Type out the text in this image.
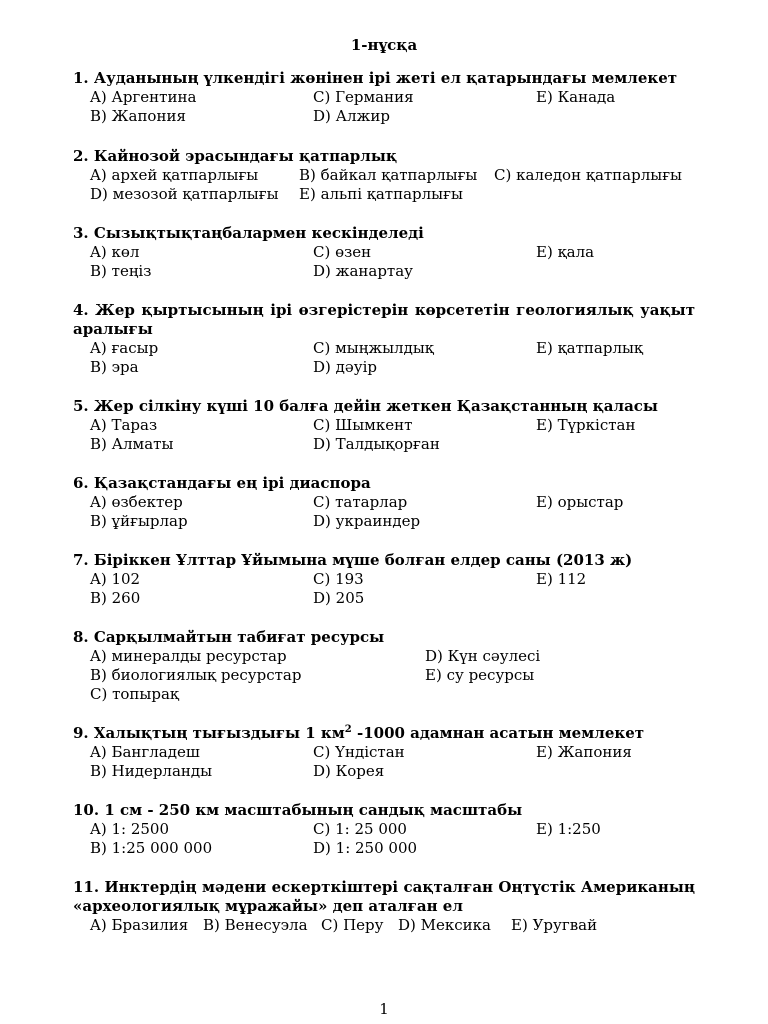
1-нұсқа
1. Ауданының үлкендігі жөнінен ірі жеті ел қатарындағы мемлекет
A) Аргентина	C) Германия	E) Канада
B) Жапония	D) Алжир
2. Кайнозой эрасындағы қатпарлық
A) архей қатпарлығы	B) байкал қатпарлығы C) каледон қатпарлығы
D) мезозой қатпарлығы E) альпі қатпарлығы
3. Сызықтықтаңбалармен кескінделеді
A) көл	C) өзен	E) қала
B) теңіз	D) жанартау
4. Жер қыртысының ірі өзгерістерін көрсететін геологиялық уақыт аралығы
A) ғасыр	C) мыңжылдық	E) қатпарлық
B) эра	D) дәуір
5. Жер сілкіну күші 10 балға дейін жеткен Қазақстанның қаласы
A) Тараз	C) Шымкент	E) Түркістан
B) Алматы	D) Талдықорған
6. Қазақстандағы ең ірі диаспора
A) өзбектер	C) татарлар	E) орыстар
B) ұйғырлар	D) украиндер
7. Біріккен Ұлттар Ұйымына мүше болған елдер саны (2013 ж)
A) 102	C) 193	E) 112
B) 260	D) 205
8. Сарқылмайтын табиғат ресурсы
A) минералды ресурстар	D) Күн сәулесі
B) биологиялық ресурстар	E) су ресурсы
C) топырақ
9. Халықтың тығыздығы 1 $км^2$ -1000 адамнан асатын мемлекет
A) Бангладеш	C) Үндістан	E) Жапония
B) Нидерланды	D) Корея
10. 1 см - 250 км масштабының сандық масштабы
A) 1: 2500	C) 1: 25 000	E) 1:250
B) 1:25 000 000	D) 1: 250 000
11. Инктердің мәдени ескерткіштері сақталған Оңтүстік Американың «археологиялық мұражайы» деп аталған ел
A) Бразилия B) Венесуэла C) Перу D) Мексика E) Уругвай
1
